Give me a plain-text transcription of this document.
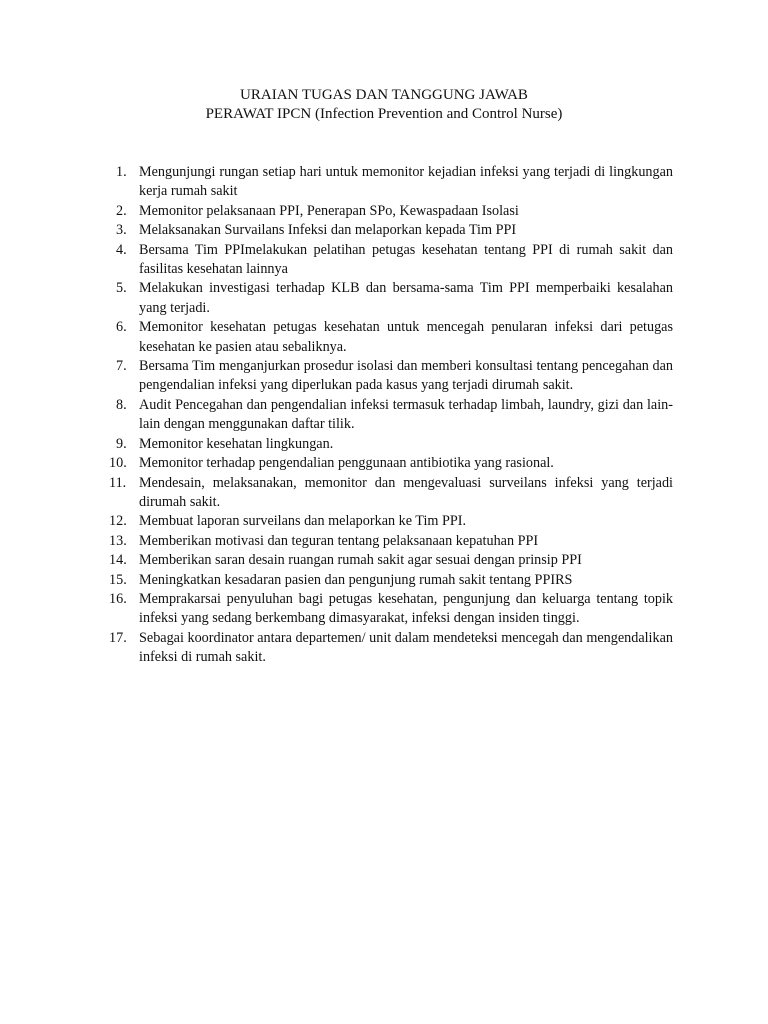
URAIAN TUGAS DAN TANGGUNG JAWAB
PERAWAT IPCN (Infection Prevention and Control Nurse)
1. Mengunjungi rungan setiap hari untuk memonitor kejadian infeksi yang terjadi di lingkungan kerja rumah sakit
2. Memonitor pelaksanaan PPI, Penerapan SPo, Kewaspadaan Isolasi
3. Melaksanakan Survailans Infeksi dan melaporkan kepada Tim PPI
4. Bersama Tim PPImelakukan pelatihan petugas kesehatan tentang PPI di rumah sakit dan fasilitas kesehatan lainnya
5. Melakukan investigasi terhadap KLB dan bersama-sama Tim PPI memperbaiki kesalahan yang terjadi.
6. Memonitor kesehatan petugas kesehatan untuk mencegah penularan infeksi dari petugas kesehatan ke pasien atau sebaliknya.
7. Bersama Tim menganjurkan prosedur isolasi dan memberi konsultasi tentang pencegahan dan pengendalian infeksi yang diperlukan pada kasus yang terjadi dirumah sakit.
8. Audit Pencegahan dan pengendalian infeksi termasuk terhadap limbah, laundry, gizi dan lain-lain dengan menggunakan daftar tilik.
9. Memonitor kesehatan lingkungan.
10. Memonitor terhadap pengendalian penggunaan antibiotika yang rasional.
11. Mendesain, melaksanakan, memonitor dan mengevaluasi surveilans infeksi yang terjadi dirumah sakit.
12. Membuat laporan surveilans dan melaporkan ke Tim PPI.
13. Memberikan motivasi dan teguran tentang pelaksanaan kepatuhan PPI
14. Memberikan saran desain ruangan rumah sakit agar sesuai dengan prinsip PPI
15. Meningkatkan kesadaran pasien dan pengunjung rumah sakit tentang PPIRS
16. Memprakarsai penyuluhan bagi petugas kesehatan, pengunjung dan keluarga tentang topik infeksi yang sedang berkembang dimasyarakat, infeksi dengan insiden tinggi.
17. Sebagai koordinator antara departemen/ unit dalam mendeteksi mencegah dan mengendalikan infeksi di rumah sakit.
